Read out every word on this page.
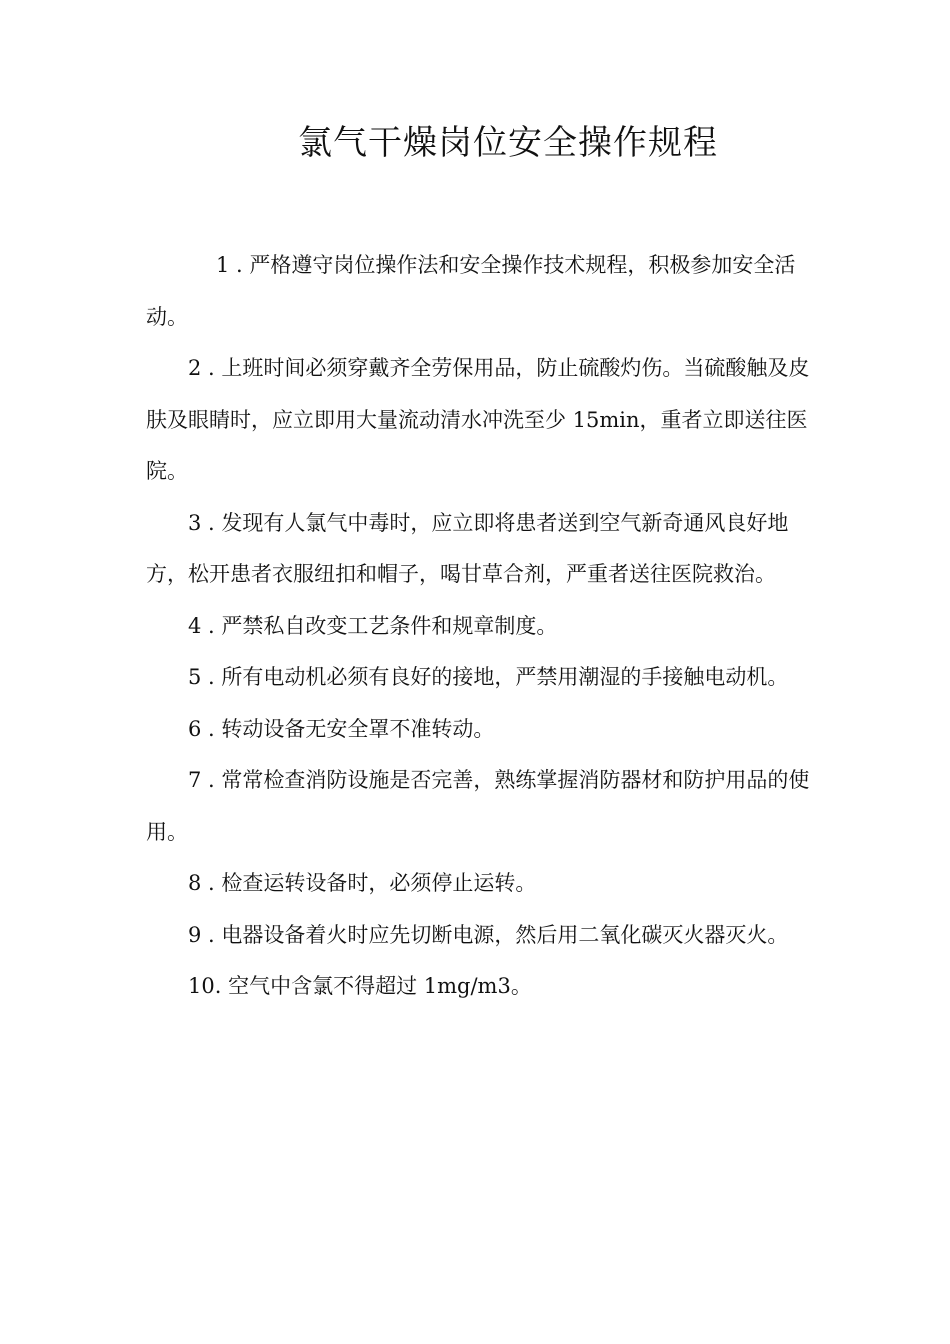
氯气干燥岗位安全操作规程

1 . 严格遵守岗位操作法和安全操作技术规程，积极参加安全活动。

2 . 上班时间必须穿戴齐全劳保用品，防止硫酸灼伤。当硫酸触及皮肤及眼睛时，应立即用大量流动清水冲洗至少 15min，重者立即送往医院。

3 . 发现有人氯气中毒时，应立即将患者送到空气新奇通风良好地方，松开患者衣服纽扣和帽子，喝甘草合剂，严重者送往医院救治。

4 . 严禁私自改变工艺条件和规章制度。

5 . 所有电动机必须有良好的接地，严禁用潮湿的手接触电动机。

6 . 转动设备无安全罩不准转动。

7 . 常常检查消防设施是否完善，熟练掌握消防器材和防护用品的使用。

8 . 检查运转设备时，必须停止运转。

9 . 电器设备着火时应先切断电源，然后用二氧化碳灭火器灭火。

10. 空气中含氯不得超过 1mg/m3。
